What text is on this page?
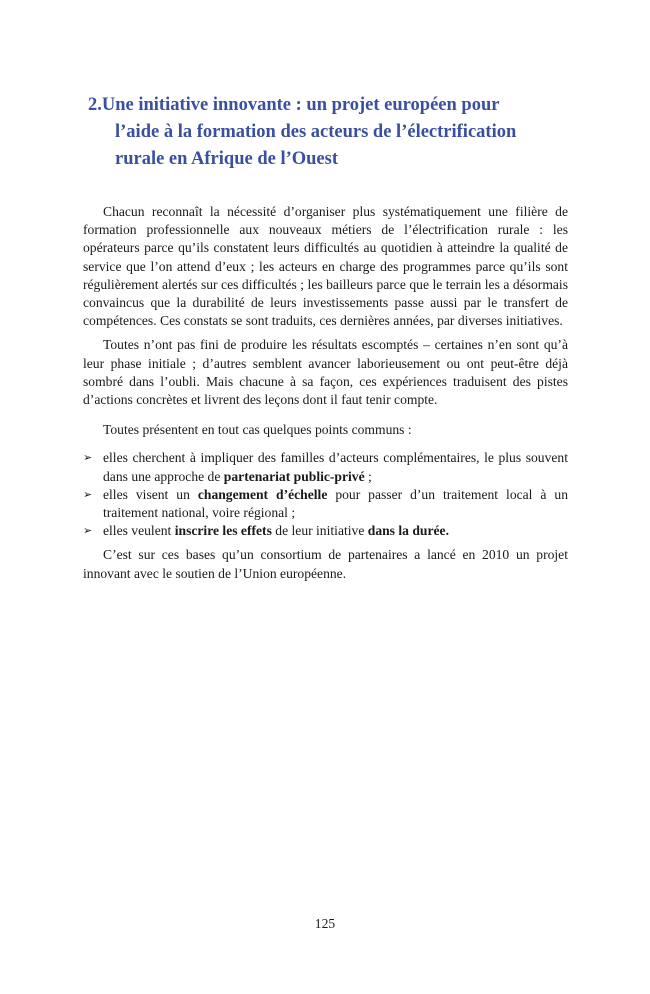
2.Une initiative innovante : un projet européen pour
l’aide à la formation des acteurs de l’électrification
rurale en Afrique de l’Ouest

Chacun reconnaît la nécessité d’organiser plus systématiquement une filière de formation professionnelle aux nouveaux métiers de l’électrification rurale : les opérateurs parce qu’ils constatent leurs difficultés au quotidien à atteindre la qualité de service que l’on attend d’eux ; les acteurs en charge des programmes parce qu’ils sont régulièrement alertés sur ces difficultés ; les bailleurs parce que le terrain les a désormais convaincus que la durabilité de leurs investissements passe aussi par le transfert de compétences. Ces constats se sont traduits, ces dernières années, par diverses initiatives.

Toutes n’ont pas fini de produire les résultats escomptés – certaines n’en sont qu’à leur phase initiale ; d’autres semblent avancer laborieusement ou ont peut-être déjà sombré dans l’oubli. Mais chacune à sa façon, ces expériences traduisent des pistes d’actions concrètes et livrent des leçons dont il faut tenir compte.

Toutes présentent en tout cas quelques points communs :

➢ elles cherchent à impliquer des familles d’acteurs complémentaires, le plus souvent dans une approche de partenariat public-privé ;
➢ elles visent un changement d’échelle pour passer d’un traitement local à un traitement national, voire régional ;
➢ elles veulent inscrire les effets de leur initiative dans la durée.

C’est sur ces bases qu’un consortium de partenaires a lancé en 2010 un projet innovant avec le soutien de l’Union européenne.

125
